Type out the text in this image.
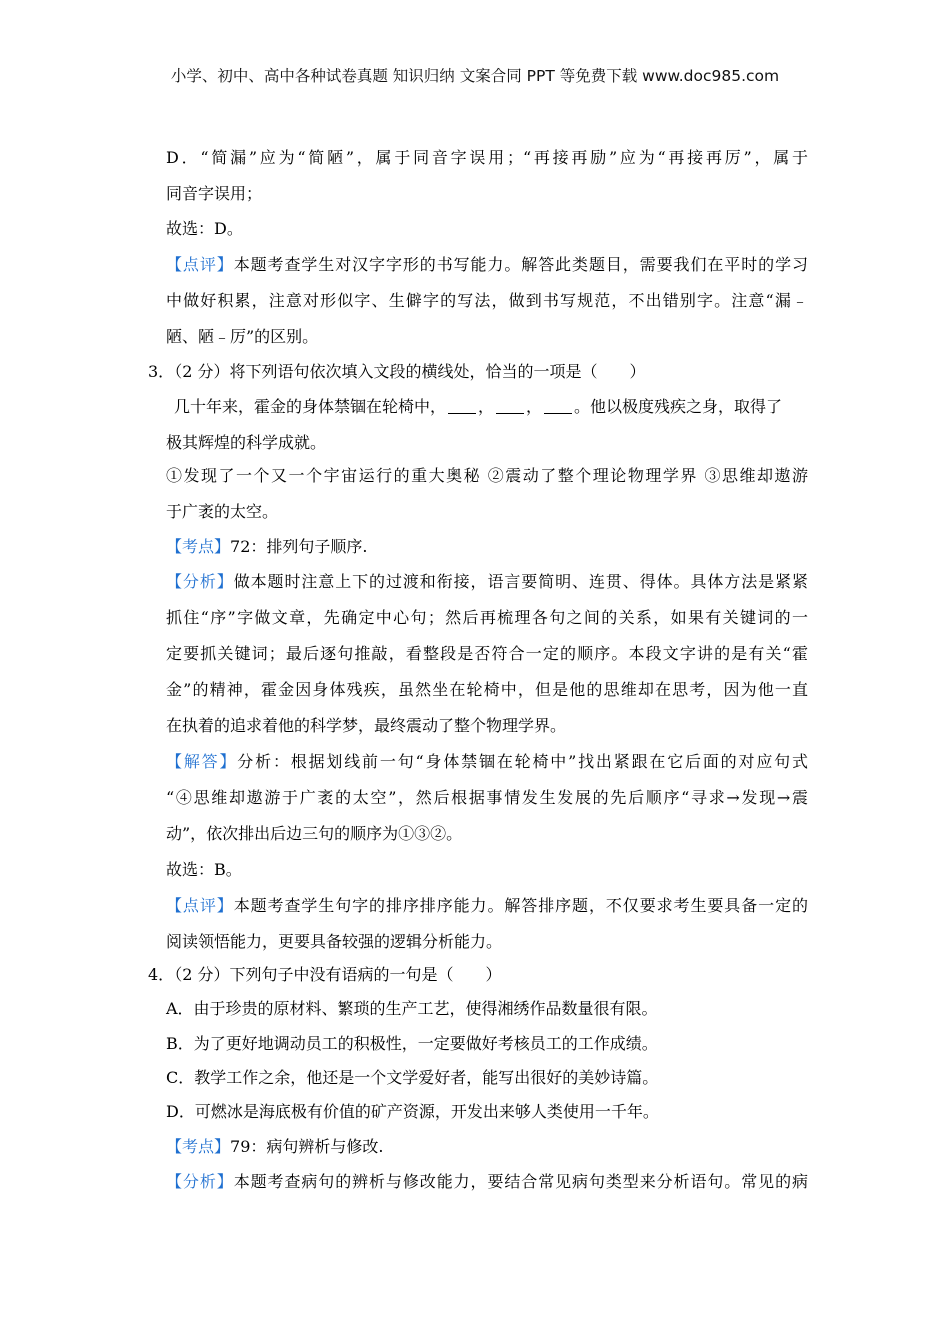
小学、初中、高中各种试卷真题 知识归纳 文案合同 PPT 等免费下载 www.doc985.com
D．“简漏”应为“简陋”，属于同音字误用；“再接再励”应为“再接再厉”，属于
同音字误用；
故选：D。
【点评】本题考查学生对汉字字形的书写能力。解答此类题目，需要我们在平时的学习
中做好积累，注意对形似字、生僻字的写法，做到书写规范，不出错别字。注意“漏﹣
陋、陋﹣厉”的区别。
3．（2 分）将下列语句依次填入文段的横线处，恰当的一项是（　　）
几十年来，霍金的身体禁锢在轮椅中， ， ， 。他以极度残疾之身，取得了
极其辉煌的科学成就。
①发现了一个又一个宇宙运行的重大奥秘 ②震动了整个理论物理学界 ③思维却遨游
于广袤的太空。
【考点】72：排列句子顺序.
【分析】做本题时注意上下的过渡和衔接，语言要简明、连贯、得体。具体方法是紧紧
抓住“序”字做文章，先确定中心句；然后再梳理各句之间的关系，如果有关键词的一
定要抓关键词；最后逐句推敲，看整段是否符合一定的顺序。本段文字讲的是有关“霍
金”的精神，霍金因身体残疾，虽然坐在轮椅中，但是他的思维却在思考，因为他一直
在执着的追求着他的科学梦，最终震动了整个物理学界。
【解答】分析：根据划线前一句“身体禁锢在轮椅中”找出紧跟在它后面的对应句式
“④思维却遨游于广袤的太空”，然后根据事情发生发展的先后顺序“寻求→发现→震
动”，依次排出后边三句的顺序为①③②。
故选：B。
【点评】本题考查学生句字的排序排序能力。解答排序题，不仅要求考生要具备一定的
阅读领悟能力，更要具备较强的逻辑分析能力。
4．（2 分）下列句子中没有语病的一句是（　　）
A．由于珍贵的原材料、繁琐的生产工艺，使得湘绣作品数量很有限。
B．为了更好地调动员工的积极性，一定要做好考核员工的工作成绩。
C．教学工作之余，他还是一个文学爱好者，能写出很好的美妙诗篇。
D．可燃冰是海底极有价值的矿产资源，开发出来够人类使用一千年。
【考点】79：病句辨析与修改.
【分析】本题考查病句的辨析与修改能力，要结合常见病句类型来分析语句。常见的病
